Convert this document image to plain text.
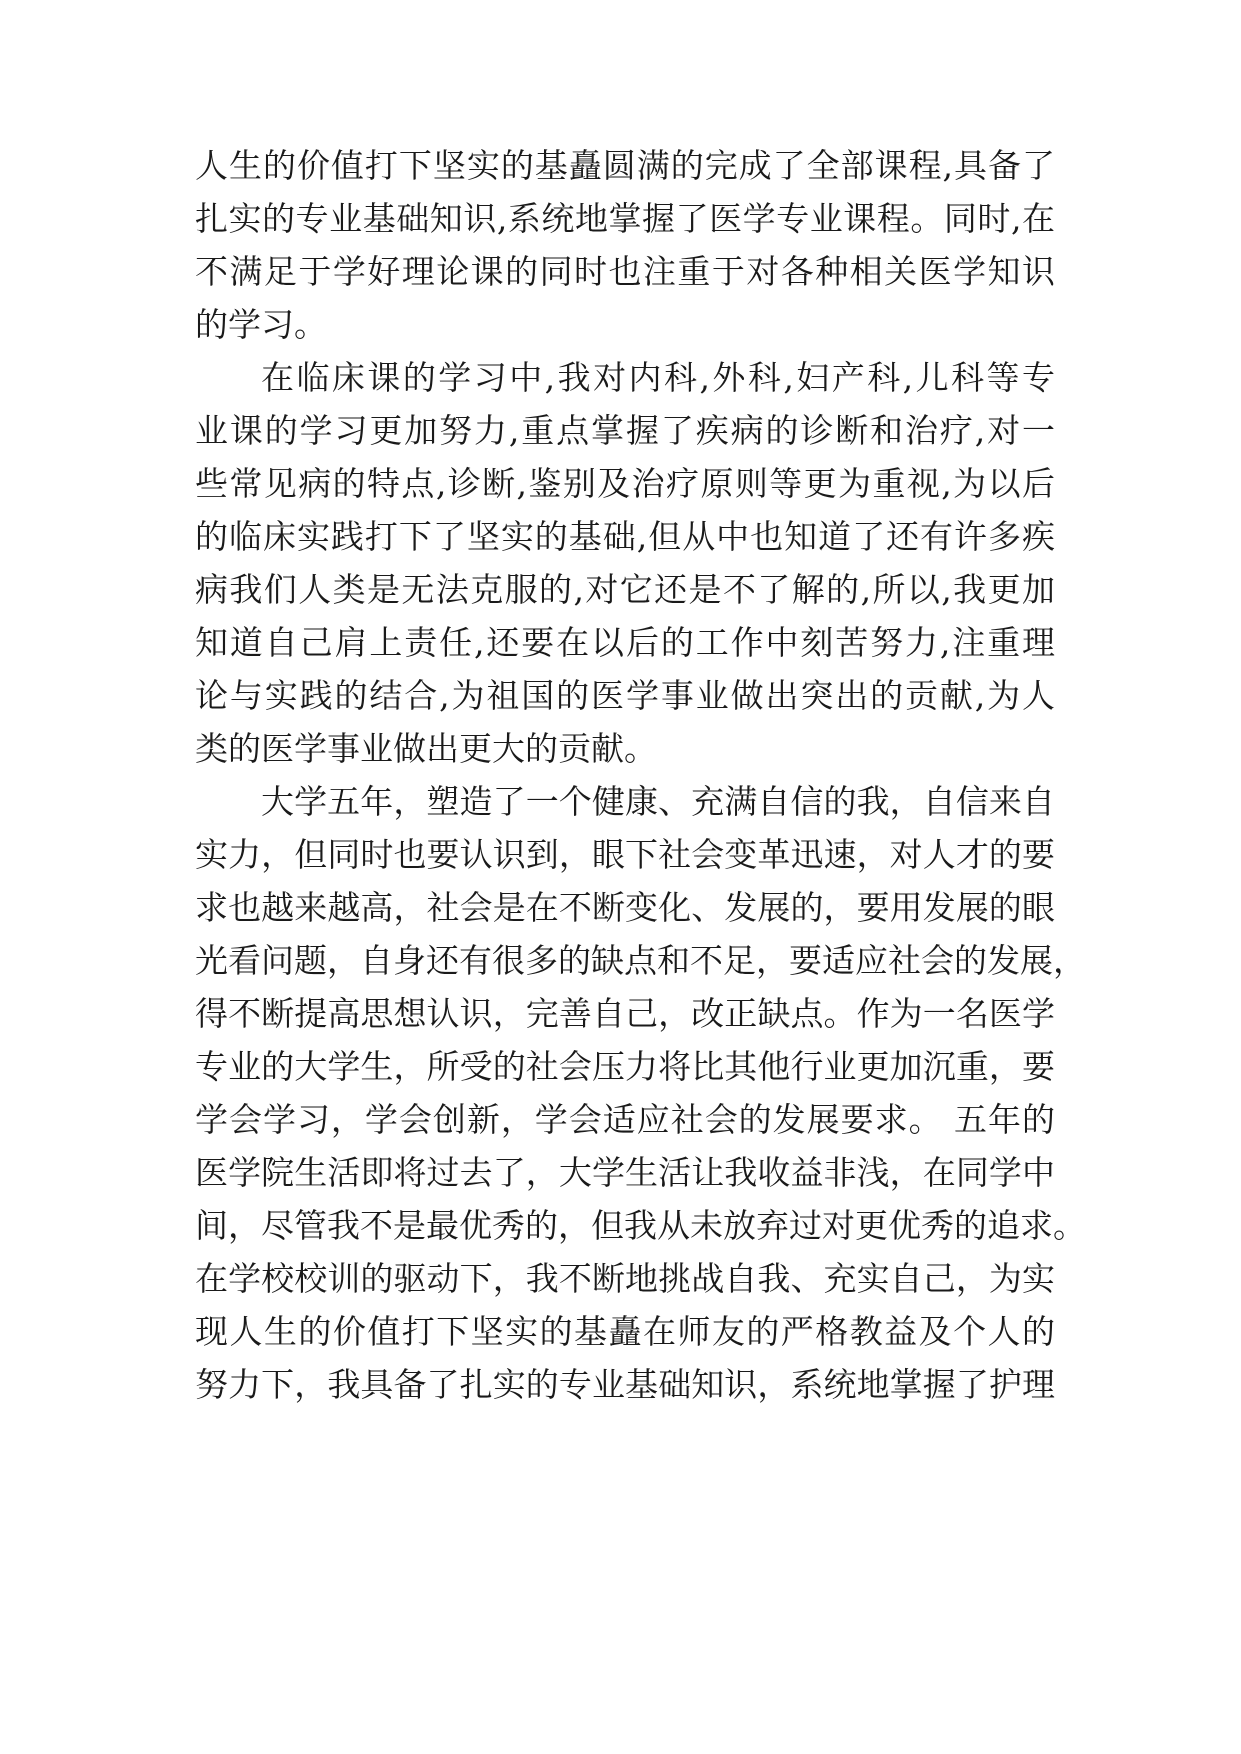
人生的价值打下坚实的基矗圆满的完成了全部课程,具备了
扎实的专业基础知识,系统地掌握了医学专业课程。同时,在
不满足于学好理论课的同时也注重于对各种相关医学知识
的学习。
在临床课的学习中,我对内科,外科,妇产科,儿科等专
业课的学习更加努力,重点掌握了疾病的诊断和治疗,对一
些常见病的特点,诊断,鉴别及治疗原则等更为重视,为以后
的临床实践打下了坚实的基础,但从中也知道了还有许多疾
病我们人类是无法克服的,对它还是不了解的,所以,我更加
知道自己肩上责任,还要在以后的工作中刻苦努力,注重理
论与实践的结合,为祖国的医学事业做出突出的贡献,为人
类的医学事业做出更大的贡献。
大学五年，塑造了一个健康、充满自信的我，自信来自
实力，但同时也要认识到，眼下社会变革迅速，对人才的要
求也越来越高，社会是在不断变化、发展的，要用发展的眼
光看问题，自身还有很多的缺点和不足，要适应社会的发展，
得不断提高思想认识，完善自己，改正缺点。作为一名医学
专业的大学生，所受的社会压力将比其他行业更加沉重，要
学会学习，学会创新，学会适应社会的发展要求。 五年的
医学院生活即将过去了，大学生活让我收益非浅，在同学中
间，尽管我不是最优秀的，但我从未放弃过对更优秀的追求。
在学校校训的驱动下，我不断地挑战自我、充实自己，为实
现人生的价值打下坚实的基矗在师友的严格教益及个人的
努力下，我具备了扎实的专业基础知识，系统地掌握了护理
